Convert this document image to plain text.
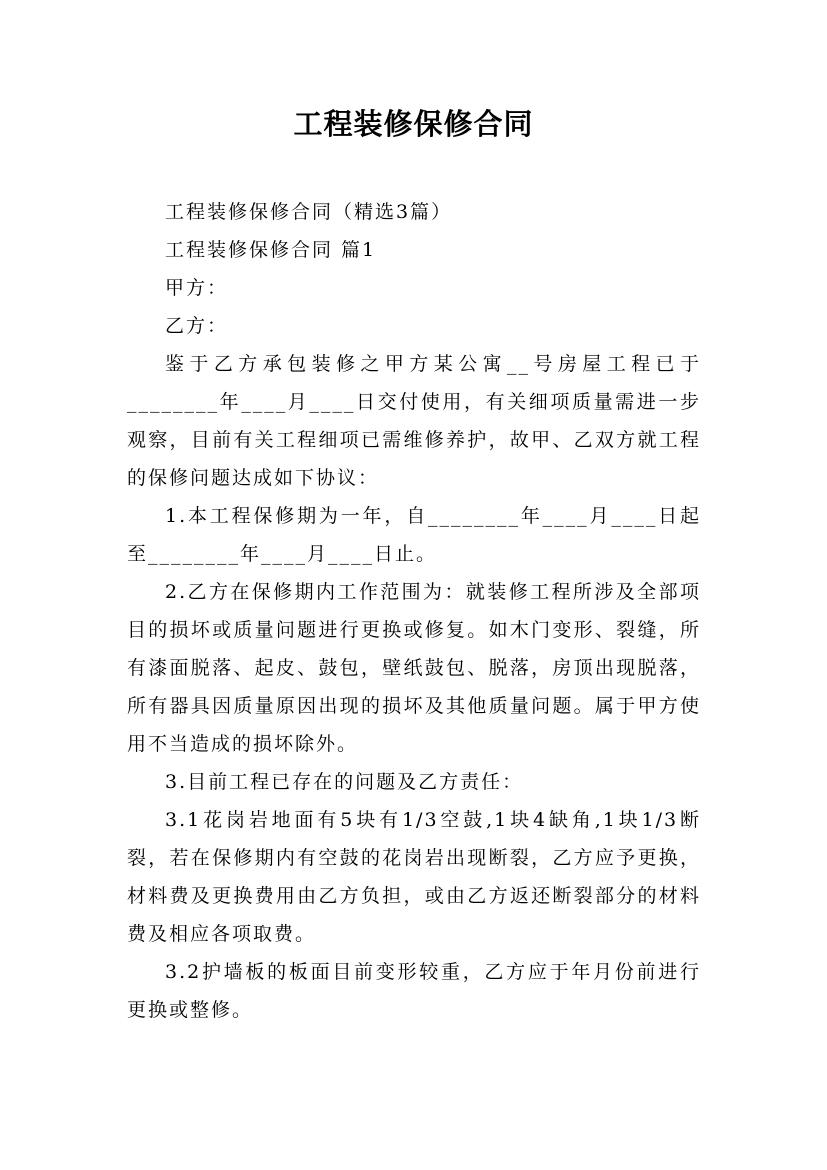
工程装修保修合同

工程装修保修合同（精选3篇）

工程装修保修合同 篇1

甲方：

乙方：

鉴于乙方承包装修之甲方某公寓__号房屋工程已于________年____月____日交付使用，有关细项质量需进一步观察，目前有关工程细项已需维修养护，故甲、乙双方就工程的保修问题达成如下协议：

1.本工程保修期为一年，自________年____月____日起至________年____月____日止。

2.乙方在保修期内工作范围为：就装修工程所涉及全部项目的损坏或质量问题进行更换或修复。如木门变形、裂缝，所有漆面脱落、起皮、鼓包，壁纸鼓包、脱落，房顶出现脱落，所有器具因质量原因出现的损坏及其他质量问题。属于甲方使用不当造成的损坏除外。

3.目前工程已存在的问题及乙方责任：

3.1花岗岩地面有5块有1/3空鼓,1块4缺角,1块1/3断裂，若在保修期内有空鼓的花岗岩出现断裂，乙方应予更换，材料费及更换费用由乙方负担，或由乙方返还断裂部分的材料费及相应各项取费。

3.2护墙板的板面目前变形较重，乙方应于年月份前进行更换或整修。
